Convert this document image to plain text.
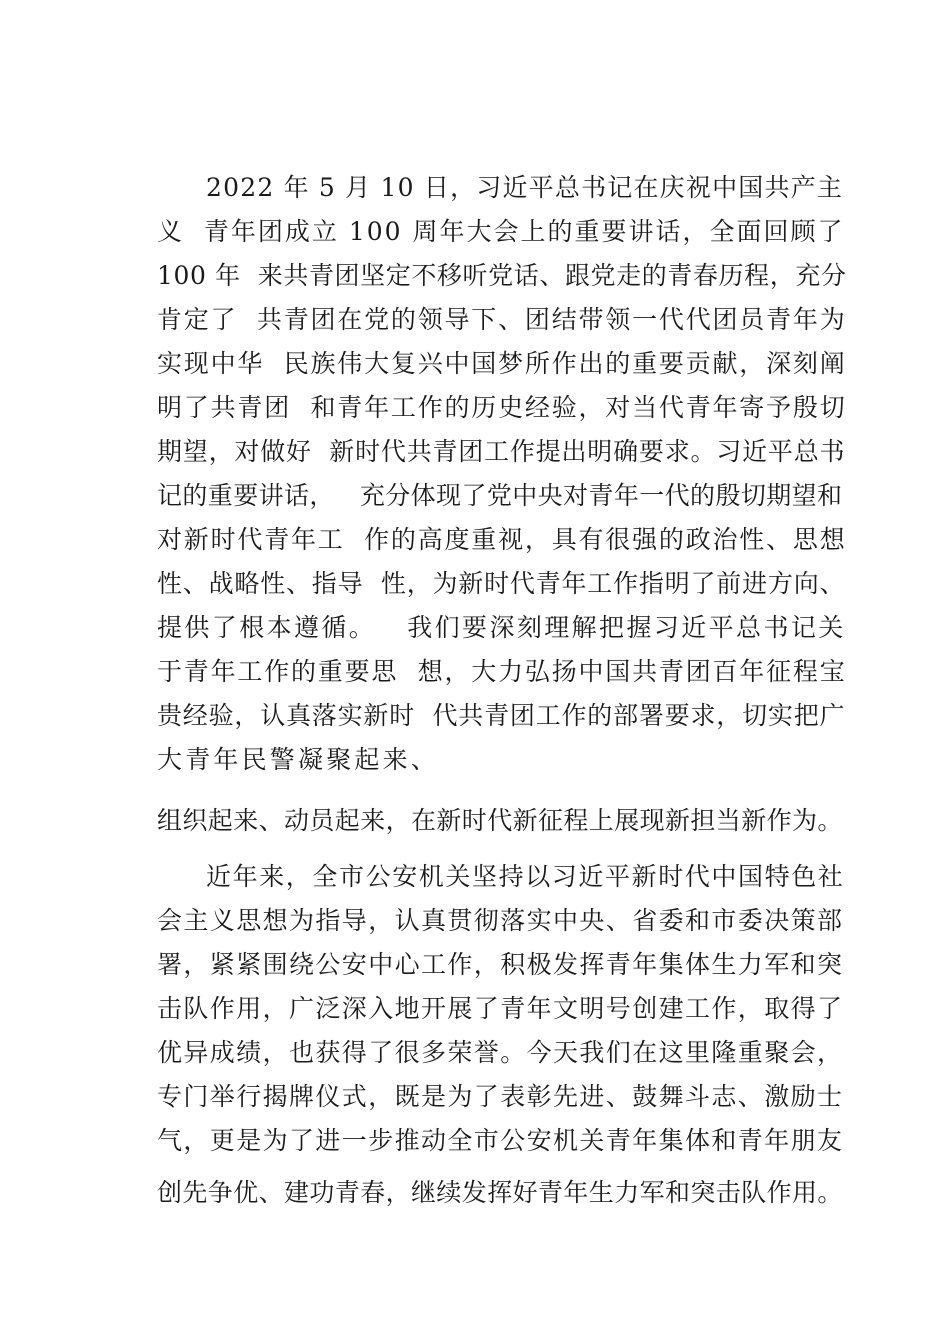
2022 年 5 月 10 日，习近平总书记在庆祝中国共产主
义  青年团成立 100 周年大会上的重要讲话，全面回顾了
100 年  来共青团坚定不移听党话、跟党走的青春历程，充分
肯定了  共青团在党的领导下、团结带领一代代团员青年为
实现中华  民族伟大复兴中国梦所作出的重要贡献，深刻阐
明了共青团  和青年工作的历史经验，对当代青年寄予殷切
期望，对做好  新时代共青团工作提出明确要求。习近平总书
记的重要讲话，   充分体现了党中央对青年一代的殷切期望和
对新时代青年工  作的高度重视，具有很强的政治性、思想
性、战略性、指导  性，为新时代青年工作指明了前进方向、
提供了根本遵循。   我们要深刻理解把握习近平总书记关
于青年工作的重要思  想，大力弘扬中国共青团百年征程宝
贵经验，认真落实新时  代共青团工作的部署要求，切实把广
大青年民警凝聚起来、
组织起来、动员起来，在新时代新征程上展现新担当新作为。
近年来，全市公安机关坚持以习近平新时代中国特色社
会主义思想为指导，认真贯彻落实中央、省委和市委决策部
署，紧紧围绕公安中心工作，积极发挥青年集体生力军和突
击队作用，广泛深入地开展了青年文明号创建工作，取得了
优异成绩，也获得了很多荣誉。今天我们在这里隆重聚会，
专门举行揭牌仪式，既是为了表彰先进、鼓舞斗志、激励士
气，更是为了进一步推动全市公安机关青年集体和青年朋友
创先争优、建功青春，继续发挥好青年生力军和突击队作用。
